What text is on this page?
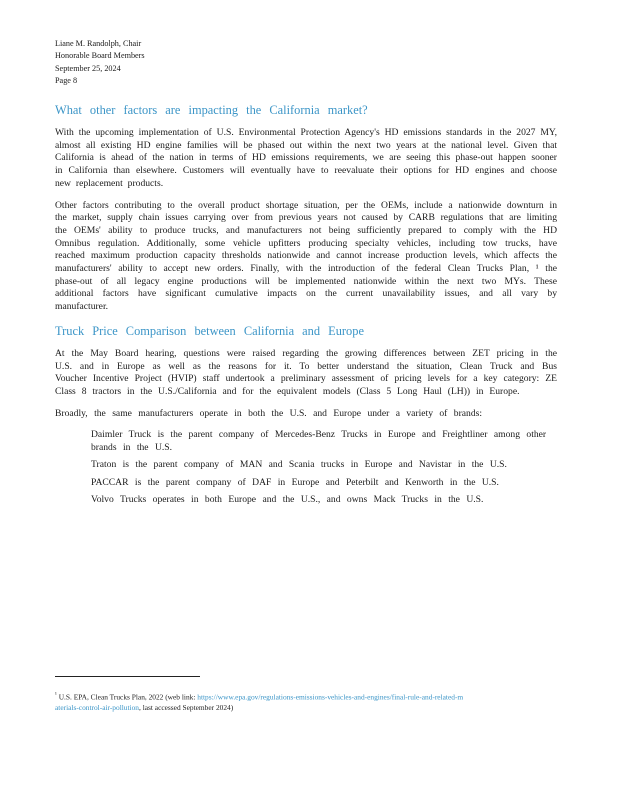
Liane M. Randolph, Chair
Honorable Board Members
September 25, 2024
Page 8
What other factors are impacting the California market?

With the upcoming implementation of U.S. Environmental Protection Agency's HD emissions standards in the 2027 MY, almost all existing HD engine families will be phased out within the next two years at the national level. Given that California is ahead of the nation in terms of HD emissions requirements, we are seeing this phase-out happen sooner in California than elsewhere. Customers will eventually have to reevaluate their options for HD engines and choose new replacement products.

Other factors contributing to the overall product shortage situation, per the OEMs, include a nationwide downturn in the market, supply chain issues carrying over from previous years not caused by CARB regulations that are limiting the OEMs' ability to produce trucks, and manufacturers not being sufficiently prepared to comply with the HD Omnibus regulation. Additionally, some vehicle upfitters producing specialty vehicles, including tow trucks, have reached maximum production capacity thresholds nationwide and cannot increase production levels, which affects the manufacturers' ability to accept new orders. Finally, with the introduction of the federal Clean Trucks Plan, ¹ the phase-out of all legacy engine productions will be implemented nationwide within the next two MYs. These additional factors have significant cumulative impacts on the current unavailability issues, and all vary by manufacturer.

Truck Price Comparison between California and Europe

At the May Board hearing, questions were raised regarding the growing differences between ZET pricing in the U.S. and in Europe as well as the reasons for it. To better understand the situation, Clean Truck and Bus Voucher Incentive Project (HVIP) staff undertook a preliminary assessment of pricing levels for a key category: ZE Class 8 tractors in the U.S./California and for the equivalent models (Class 5 Long Haul (LH)) in Europe.

Broadly, the same manufacturers operate in both the U.S. and Europe under a variety of brands:

Daimler Truck is the parent company of Mercedes-Benz Trucks in Europe and Freightliner among other brands in the U.S.
Traton is the parent company of MAN and Scania trucks in Europe and Navistar in the U.S.
PACCAR is the parent company of DAF in Europe and Peterbilt and Kenworth in the U.S.
Volvo Trucks operates in both Europe and the U.S., and owns Mack Trucks in the U.S.
$^{^1}$ U.S. EPA, Clean Trucks Plan, 2022 (web link: https://www.epa.gov/regulations-emissions-vehicles-and-engines/final-rule-and-related-materials-control-air-pollution, last accessed September 2024)
